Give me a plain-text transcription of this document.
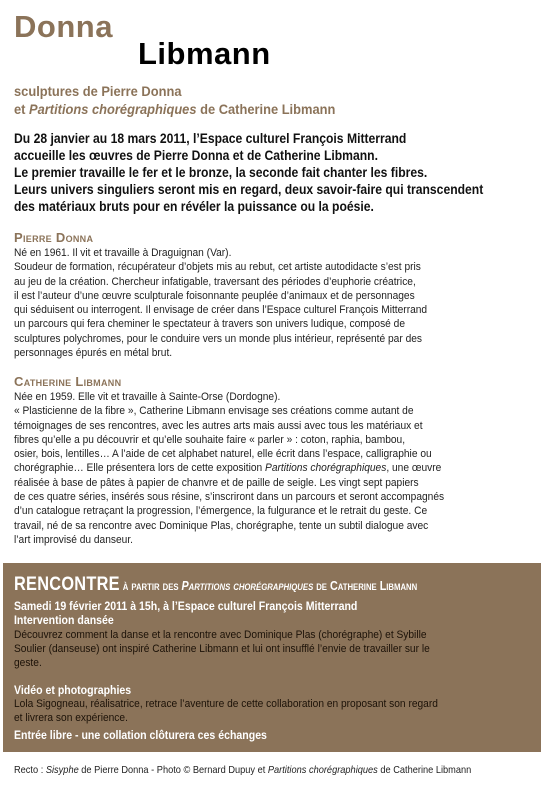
Donna
Libmann
sculptures de Pierre Donna
et Partitions chorégraphiques de Catherine Libmann

Du 28 janvier au 18 mars 2011, l’Espace culturel François Mitterrand

accueille les œuvres de Pierre Donna et de Catherine Libmann.

Le premier travaille le fer et le bronze, la seconde fait chanter les fibres.

Leurs univers singuliers seront mis en regard, deux savoir-faire qui transcendent

des matériaux bruts pour en révéler la puissance ou la poésie.

Pierre Donna
Né en 1961. Il vit et travaille à Draguignan (Var).
Soudeur de formation, récupérateur d’objets mis au rebut, cet artiste autodidacte s’est pris
au jeu de la création. Chercheur infatigable, traversant des périodes d’euphorie créatrice,
il est l’auteur d’une œuvre sculpturale foisonnante peuplée d’animaux et de personnages
qui séduisent ou interrogent. Il envisage de créer dans l’Espace culturel François Mitterrand
un parcours qui fera cheminer le spectateur à travers son univers ludique, composé de
sculptures polychromes, pour le conduire vers un monde plus intérieur, représenté par des
personnages épurés en métal brut.
Catherine Libmann
Née en 1959. Elle vit et travaille à Sainte-Orse (Dordogne).
« Plasticienne de la fibre », Catherine Libmann envisage ses créations comme autant de
témoignages de ses rencontres, avec les autres arts mais aussi avec tous les matériaux et
fibres qu’elle a pu découvrir et qu’elle souhaite faire « parler » : coton, raphia, bambou,
osier, bois, lentilles… A l’aide de cet alphabet naturel, elle écrit dans l’espace, calligraphie ou
chorégraphie… Elle présentera lors de cette exposition Partitions chorégraphiques, une œuvre
réalisée à base de pâtes à papier de chanvre et de paille de seigle. Les vingt sept papiers
de ces quatre séries, insérés sous résine, s’inscriront dans un parcours et seront accompagnés
d’un catalogue retraçant la progression, l’émergence, la fulgurance et le retrait du geste. Ce
travail, né de sa rencontre avec Dominique Plas, chorégraphe, tente un subtil dialogue avec
l’art improvisé du danseur.
RENCONTRE à partir des Partitions chorégraphiques de Catherine Libmann
Samedi 19 février 2011 à 15h, à l’Espace culturel François Mitterrand
Intervention dansée
Découvrez comment la danse et la rencontre avec Dominique Plas (chorégraphe) et Sybille
Soulier (danseuse) ont inspiré Catherine Libmann et lui ont insufflé l’envie de travailler sur le
geste.
Vidéo et photographies
Lola Sigogneau, réalisatrice, retrace l’aventure de cette collaboration en proposant son regard
et livrera son expérience.
Entrée libre - une collation clôturera ces échanges
Recto : Sisyphe de Pierre Donna - Photo © Bernard Dupuy et Partitions chorégraphiques de Catherine Libmann
